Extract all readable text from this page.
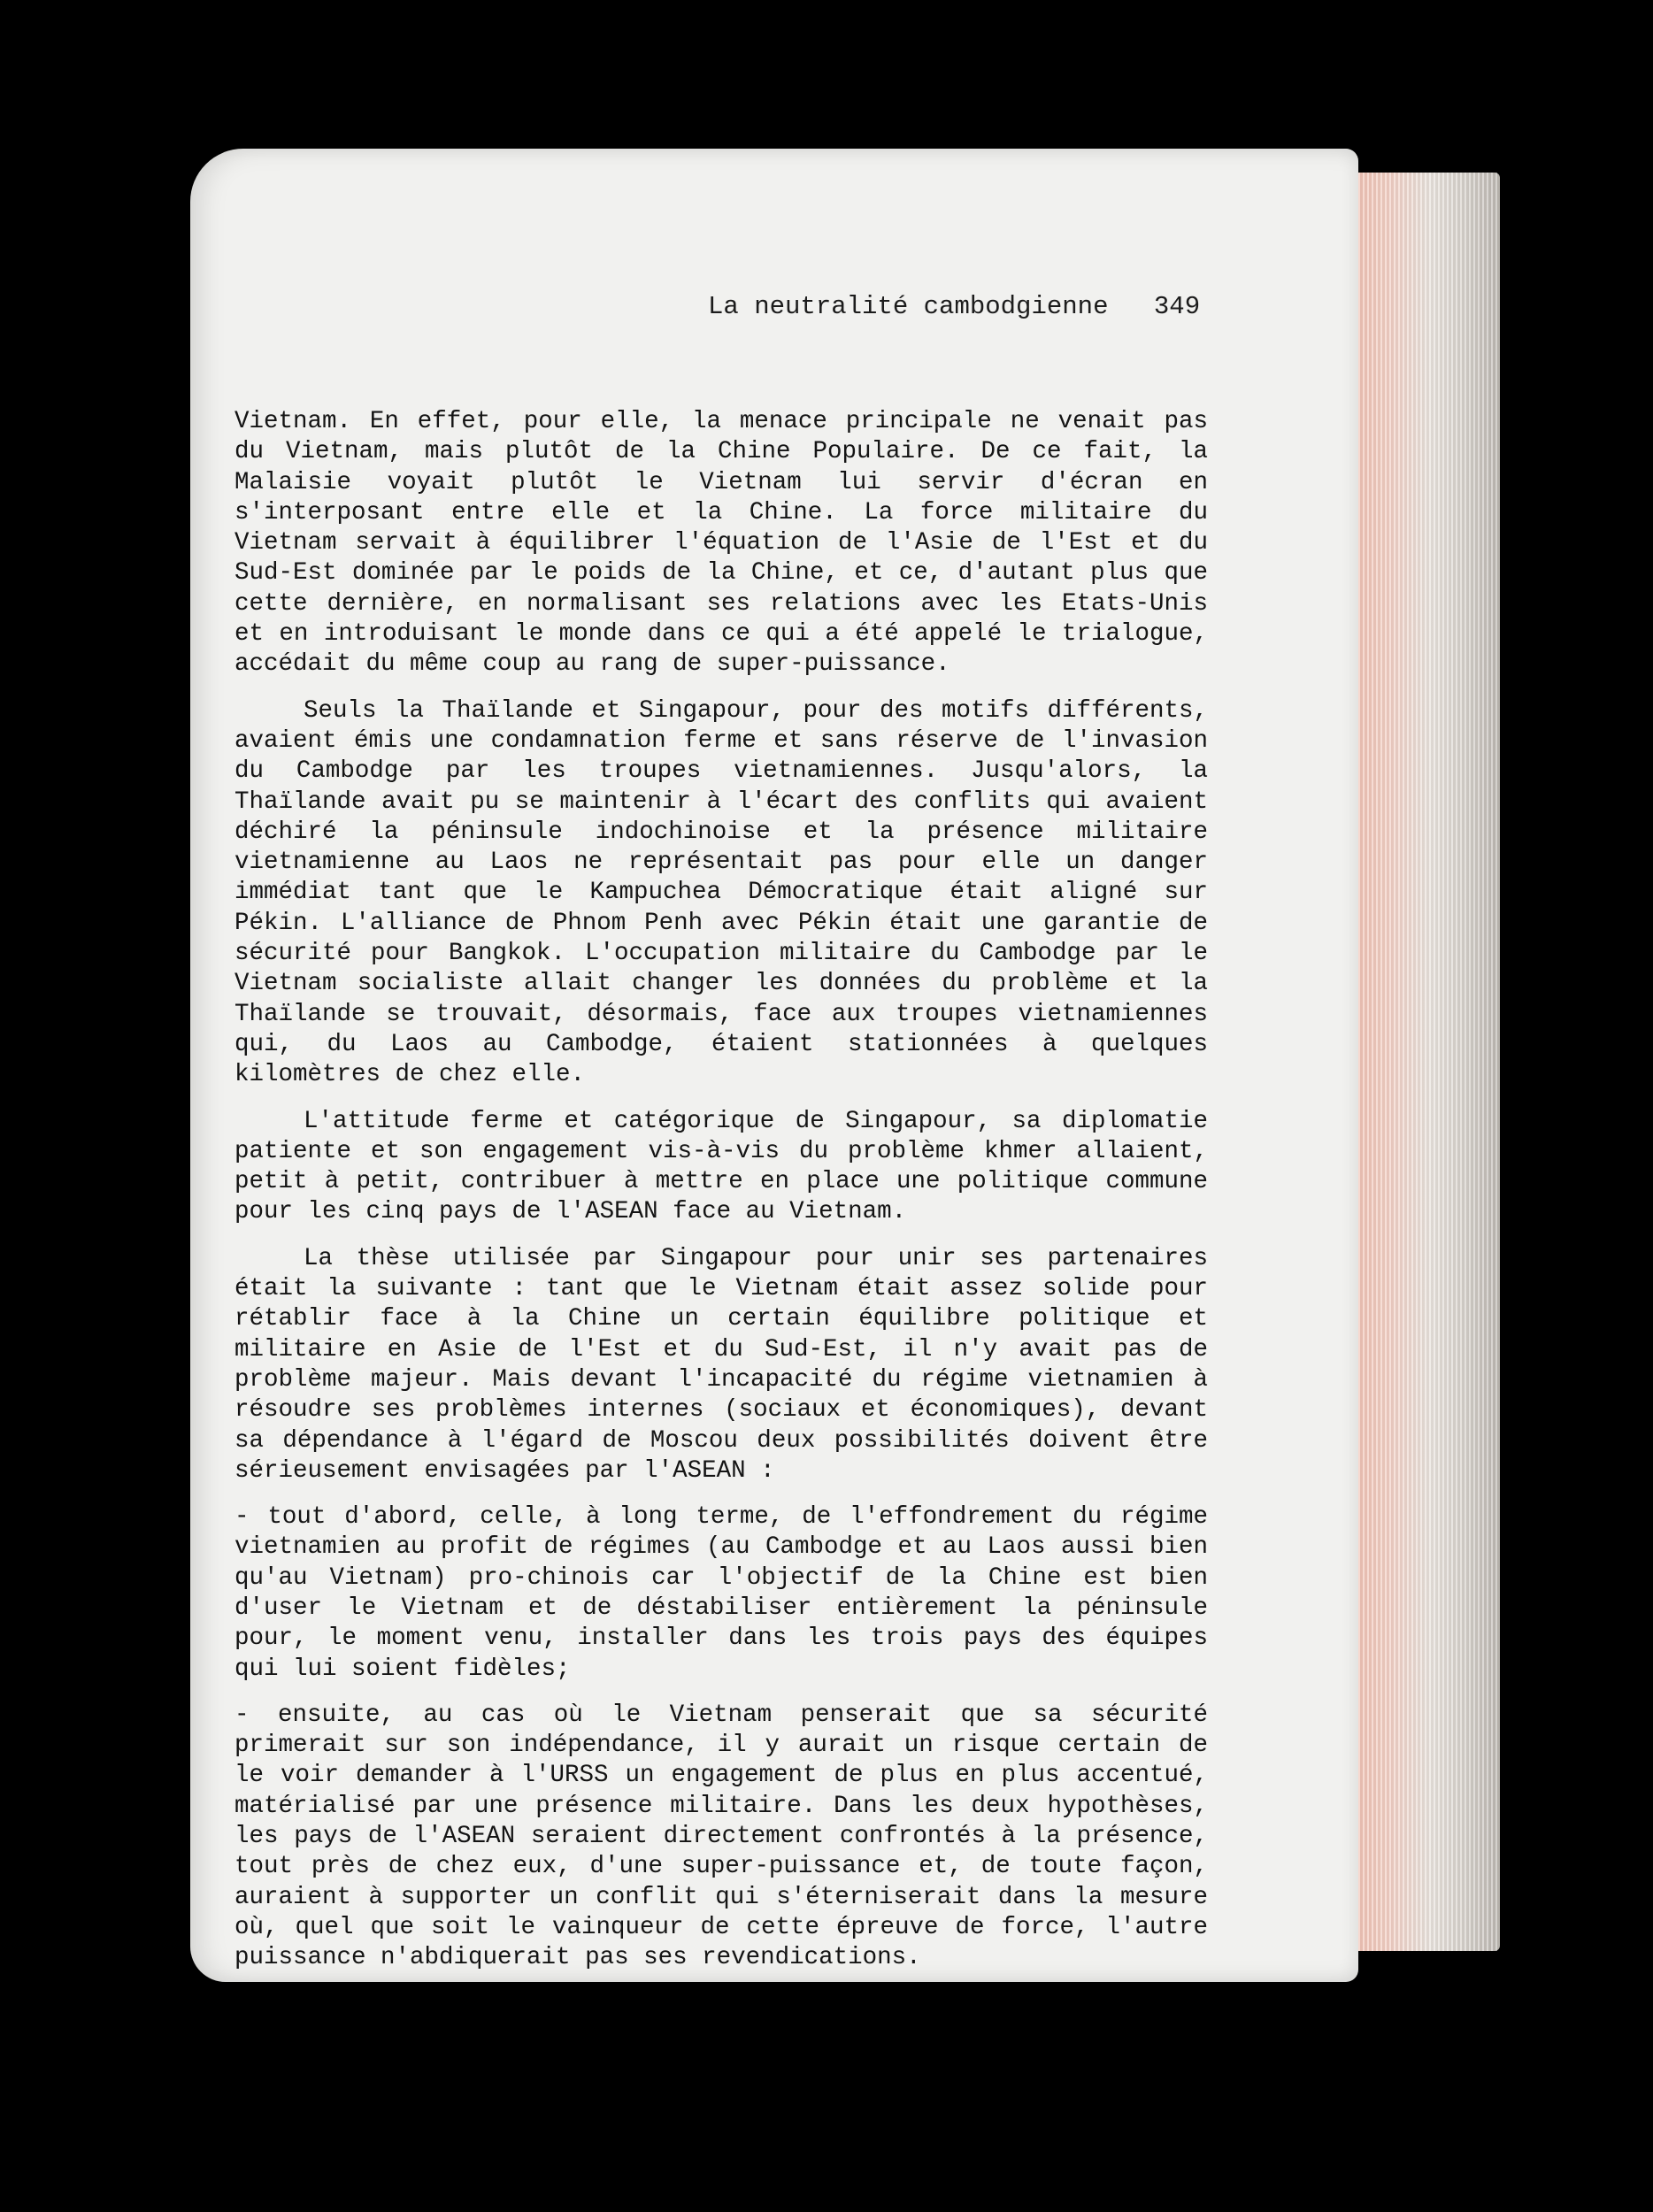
La neutralité cambodgienne 349

Vietnam. En effet, pour elle, la menace principale ne venait pas du Vietnam, mais plutôt de la Chine Populaire. De ce fait, la Malaisie voyait plutôt le Vietnam lui servir d'écran en s'interposant entre elle et la Chine. La force militaire du Vietnam servait à équilibrer l'équation de l'Asie de l'Est et du Sud-Est dominée par le poids de la Chine, et ce, d'autant plus que cette dernière, en normalisant ses relations avec les Etats-Unis et en introduisant le monde dans ce qui a été appelé le trialogue, accédait du même coup au rang de super-puissance.

Seuls la Thaïlande et Singapour, pour des motifs différents, avaient émis une condamnation ferme et sans réserve de l'invasion du Cambodge par les troupes vietnamiennes. Jusqu'alors, la Thaïlande avait pu se maintenir à l'écart des conflits qui avaient déchiré la péninsule indochinoise et la présence militaire vietnamienne au Laos ne représentait pas pour elle un danger immédiat tant que le Kampuchea Démocratique était aligné sur Pékin. L'alliance de Phnom Penh avec Pékin était une garantie de sécurité pour Bangkok. L'occupation militaire du Cambodge par le Vietnam socialiste allait changer les données du problème et la Thaïlande se trouvait, désormais, face aux troupes vietnamiennes qui, du Laos au Cambodge, étaient stationnées à quelques kilomètres de chez elle.

L'attitude ferme et catégorique de Singapour, sa diplomatie patiente et son engagement vis-à-vis du problème khmer allaient, petit à petit, contribuer à mettre en place une politique commune pour les cinq pays de l'ASEAN face au Vietnam.

La thèse utilisée par Singapour pour unir ses partenaires était la suivante : tant que le Vietnam était assez solide pour rétablir face à la Chine un certain équilibre politique et militaire en Asie de l'Est et du Sud-Est, il n'y avait pas de problème majeur. Mais devant l'incapacité du régime vietnamien à résoudre ses problèmes internes (sociaux et économiques), devant sa dépendance à l'égard de Moscou deux possibilités doivent être sérieusement envisagées par l'ASEAN :

- tout d'abord, celle, à long terme, de l'effondrement du régime vietnamien au profit de régimes (au Cambodge et au Laos aussi bien qu'au Vietnam) pro-chinois car l'objectif de la Chine est bien d'user le Vietnam et de déstabiliser entièrement la péninsule pour, le moment venu, installer dans les trois pays des équipes qui lui soient fidèles;

- ensuite, au cas où le Vietnam penserait que sa sécurité primerait sur son indépendance, il y aurait un risque certain de le voir demander à l'URSS un engagement de plus en plus accentué, matérialisé par une présence militaire. Dans les deux hypothèses, les pays de l'ASEAN seraient directement confrontés à la présence, tout près de chez eux, d'une super-puissance et, de toute façon, auraient à supporter un conflit qui s'éterniserait dans la mesure où, quel que soit le vainqueur de cette épreuve de force, l'autre puissance n'abdiquerait pas ses revendications.
